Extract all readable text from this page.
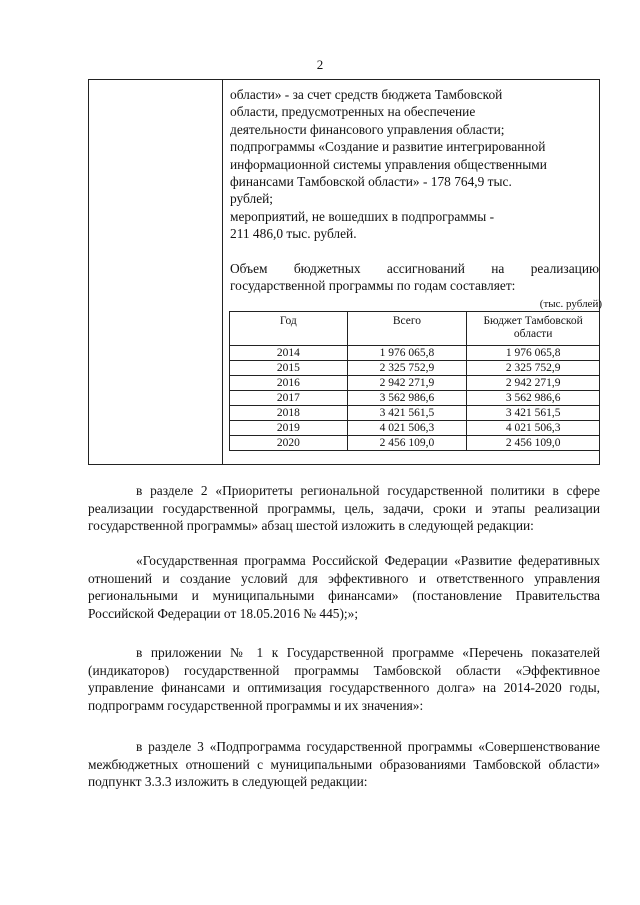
2

области» - за счет средств бюджета Тамбовской

области, предусмотренных на обеспечение

деятельности финансового управления области;

подпрограммы «Создание и развитие интегрированной

информационной системы управления общественными

финансами Тамбовской области» - 178 764,9 тыс.

рублей;

мероприятий, не вошедших в подпрограммы -

211 486,0 тыс. рублей.

Объем бюджетных ассигнований на реализацию

государственной программы по годам составляет:

(тыс. рублей)
Год	Всего	Бюджет Тамбовской области
2014	1 976 065,8	1 976 065,8
2015	2 325 752,9	2 325 752,9
2016	2 942 271,9	2 942 271,9
2017	3 562 986,6	3 562 986,6
2018	3 421 561,5	3 421 561,5
2019	4 021 506,3	4 021 506,3
2020	2 456 109,0	2 456 109,0

в разделе 2 «Приоритеты региональной государственной политики в сфере реализации государственной программы, цель, задачи, сроки и этапы реализации государственной программы» абзац шестой изложить в следующей редакции:

«Государственная программа Российской Федерации «Развитие федеративных отношений и создание условий для эффективного и ответственного управления региональными и муниципальными финансами» (постановление Правительства Российской Федерации от 18.05.2016 № 445);»;

в приложении № 1 к Государственной программе «Перечень показателей (индикаторов) государственной программы Тамбовской области «Эффективное управление финансами и оптимизация государственного долга» на 2014-2020 годы, подпрограмм государственной программы и их значения»:

в разделе 3 «Подпрограмма государственной программы «Совершенствование межбюджетных отношений с муниципальными образованиями Тамбовской области» подпункт 3.3.3 изложить в следующей редакции:
